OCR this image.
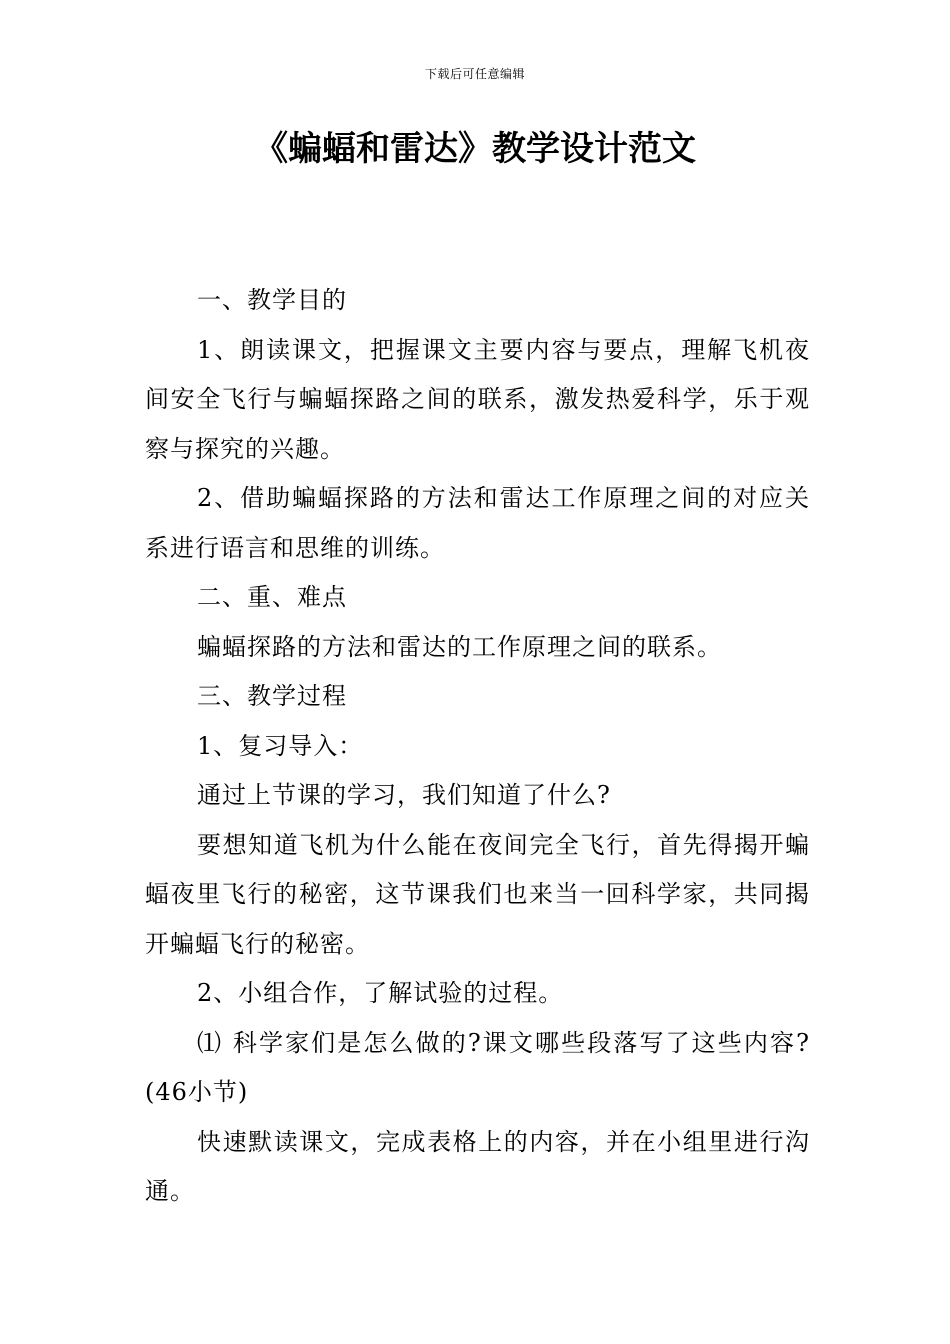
下载后可任意编辑
《蝙蝠和雷达》教学设计范文

一、教学目的

1、朗读课文，把握课文主要内容与要点，理解飞机夜间安全飞行与蝙蝠探路之间的联系，激发热爱科学，乐于观察与探究的兴趣。

2、借助蝙蝠探路的方法和雷达工作原理之间的对应关系进行语言和思维的训练。

二、重、难点

蝙蝠探路的方法和雷达的工作原理之间的联系。

三、教学过程

1、复习导入：

通过上节课的学习，我们知道了什么?

要想知道飞机为什么能在夜间完全飞行，首先得揭开蝙蝠夜里飞行的秘密，这节课我们也来当一回科学家，共同揭开蝙蝠飞行的秘密。

2、小组合作，了解试验的过程。

⑴ 科学家们是怎么做的?课文哪些段落写了这些内容?(46小节)

快速默读课文，完成表格上的内容，并在小组里进行沟通。
